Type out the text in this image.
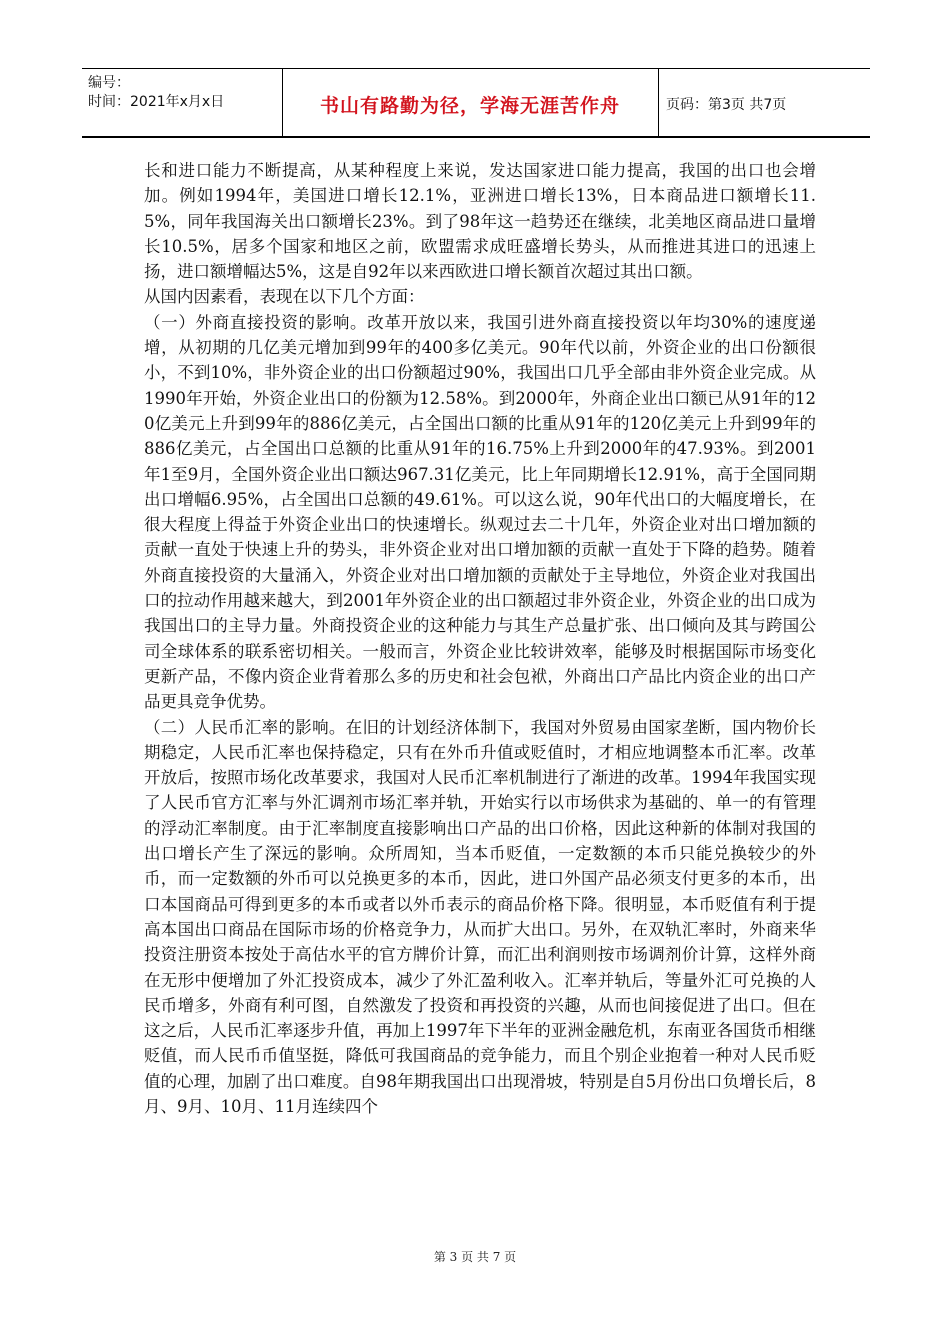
编号：
时间：2021年x月x日	书山有路勤为径，学海无涯苦作舟	页码：第3页 共7页

长和进口能力不断提高，从某种程度上来说，发达国家进口能力提高，我国的出口也会增加。例如1994年，美国进口增长12.1%，亚洲进口增长13%，日本商品进口额增长11.5%，同年我国海关出口额增长23%。到了98年这一趋势还在继续，北美地区商品进口量增长10.5%，居多个国家和地区之前，欧盟需求成旺盛增长势头，从而推进其进口的迅速上扬，进口额增幅达5%，这是自92年以来西欧进口增长额首次超过其出口额。

从国内因素看，表现在以下几个方面：

（一）外商直接投资的影响。改革开放以来，我国引进外商直接投资以年均30%的速度递增，从初期的几亿美元增加到99年的400多亿美元。90年代以前，外资企业的出口份额很小，不到10%，非外资企业的出口份额超过90%，我国出口几乎全部由非外资企业完成。从1990年开始，外资企业出口的份额为12.58%。到2000年，外商企业出口额已从91年的120亿美元上升到99年的886亿美元，占全国出口额的比重从91年的120亿美元上升到99年的886亿美元，占全国出口总额的比重从91年的16.75%上升到2000年的47.93%。到2001年1至9月，全国外资企业出口额达967.31亿美元，比上年同期增长12.91%，高于全国同期出口增幅6.95%，占全国出口总额的49.61%。可以这么说，90年代出口的大幅度增长，在很大程度上得益于外资企业出口的快速增长。纵观过去二十几年，外资企业对出口增加额的贡献一直处于快速上升的势头，非外资企业对出口增加额的贡献一直处于下降的趋势。随着外商直接投资的大量涌入，外资企业对出口增加额的贡献处于主导地位，外资企业对我国出口的拉动作用越来越大，到2001年外资企业的出口额超过非外资企业，外资企业的出口成为我国出口的主导力量。外商投资企业的这种能力与其生产总量扩张、出口倾向及其与跨国公司全球体系的联系密切相关。一般而言，外资企业比较讲效率，能够及时根据国际市场变化更新产品，不像内资企业背着那么多的历史和社会包袱，外商出口产品比内资企业的出口产品更具竞争优势。

（二）人民币汇率的影响。在旧的计划经济体制下，我国对外贸易由国家垄断，国内物价长期稳定，人民币汇率也保持稳定，只有在外币升值或贬值时，才相应地调整本币汇率。改革开放后，按照市场化改革要求，我国对人民币汇率机制进行了渐进的改革。1994年我国实现了人民币官方汇率与外汇调剂市场汇率并轨，开始实行以市场供求为基础的、单一的有管理的浮动汇率制度。由于汇率制度直接影响出口产品的出口价格，因此这种新的体制对我国的出口增长产生了深远的影响。众所周知，当本币贬值，一定数额的本币只能兑换较少的外币，而一定数额的外币可以兑换更多的本币，因此，进口外国产品必须支付更多的本币，出口本国商品可得到更多的本币或者以外币表示的商品价格下降。很明显，本币贬值有利于提高本国出口商品在国际市场的价格竞争力，从而扩大出口。另外，在双轨汇率时，外商来华投资注册资本按处于高估水平的官方牌价计算，而汇出利润则按市场调剂价计算，这样外商在无形中便增加了外汇投资成本，减少了外汇盈利收入。汇率并轨后，等量外汇可兑换的人民币增多，外商有利可图，自然激发了投资和再投资的兴趣，从而也间接促进了出口。但在这之后，人民币汇率逐步升值，再加上1997年下半年的亚洲金融危机，东南亚各国货币相继贬值，而人民币币值坚挺，降低可我国商品的竞争能力，而且个别企业抱着一种对人民币贬值的心理，加剧了出口难度。自98年期我国出口出现滑坡，特别是自5月份出口负增长后，8月、9月、10月、11月连续四个

第 3 页 共 7 页
